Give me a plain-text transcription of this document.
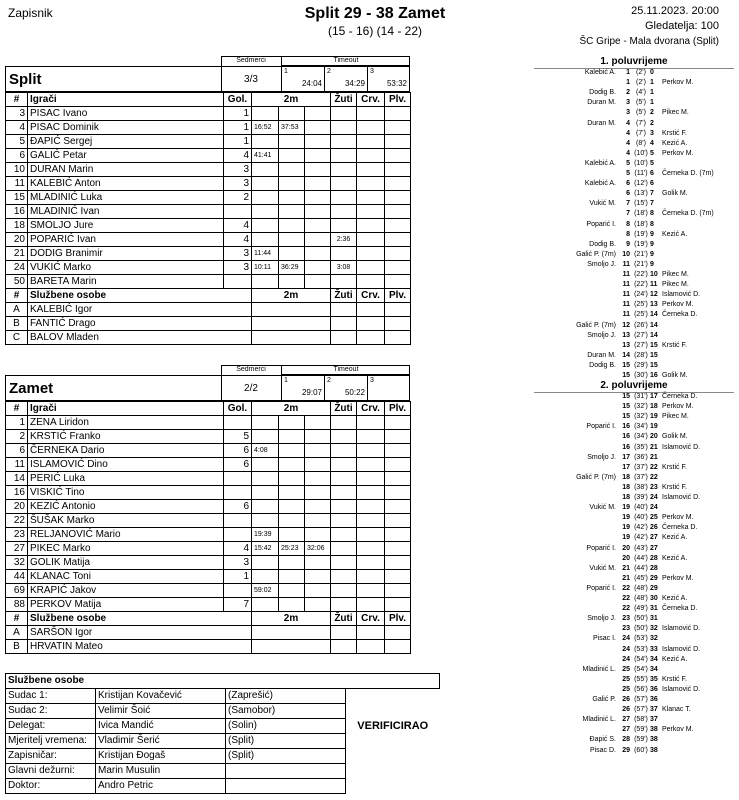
Zapisnik	Split 29 - 38 Zamet
(15 - 16) (14 - 22)
25.11.2023. 20:00
Gledatelja: 100
ŠC Gripe - Mala dvorana (Split)
Split
Sedmerci
3/3
Timeout
1
24:04
2
34:29
3
53:32
#	Igrači	Gol.	2m			Žuti	Crv.	Plv.
3	PISAC Ivano	1						
4	PISAC Dominik	1	16:52	37:53				
5	ĐAPIĆ Sergej	1						
6	GALIĆ Petar	4	41:41					
10	DURAN Marin	3						
11	KALEBIĆ Anton	3						
15	MLADINIĆ Luka	2						
16	MLADINIĆ Ivan							
18	SMOLJO Jure	4						
20	POPARIĆ Ivan	4				2:36		
21	DODIG Branimir	3	11:44					
24	VUKIĆ Marko	3	10:11	36:29		3:08		
50	BARETA Marin							
#	Službene osobe		2m			Žuti	Crv.	Plv.
A	KALEBIĆ Igor							
B	FANTIĆ Drago							
C	BALOV Mladen							
Zamet
Sedmerci
2/2
Timeout
1
29:07
2
50:22
3
#	Igrači	Gol.	2m			Žuti	Crv.	Plv.
1	ZENA Liridon							
2	KRSTIĆ Franko	5						
6	ČERNEKA Dario	6	4:08					
11	ISLAMOVIĆ Dino	6						
14	PERIĆ Luka							
16	VISKIĆ Tino							
20	KEZIĆ Antonio	6						
22	ŠUŠAK Marko							
23	RELJANOVIĆ Mario		19:39					
27	PIKEC Marko	4	15:42	25:23	32:06			
32	GOLIK Matija	3						
44	KLANAC Toni	1						
69	KRAPIĆ Jakov		59:02					
88	PERKOV Matija	7						
#	Službene osobe		2m			Žuti	Crv.	Plv.
A	SARŠON Igor							
B	HRVATIN Mateo							
Službene osobe			
Sudac 1:	Kristijan Kovačević	(Zaprešić)	
Sudac 2:	Velimir Šoić	(Samobor)	
Delegat:	Ivica Mandić	(Solin)	VERIFICIRAO
Mjeritelj vremena:	Vladimir Šerić	(Split)	
Zapisničar:	Kristijan Đogaš	(Split)	
Glavni dežurni:	Marin Musulin		
Doktor:	Andro Petric		
1. poluvrijeme
Kalebić A.	1 (2') 0
1 (2') 1	Perkov M.
Dodig B.	2 (4') 1
Duran M.	3 (5') 1
3 (5') 2	Pikec M.
Duran M.	4 (7') 2
4 (7') 3	Krstić F.
4 (8') 4	Kezić A.
4 (10') 5	Perkov M.
Kalebić A.	5 (10') 5
5 (11') 6	Černeka D. (7m)
Kalebić A.	6 (12') 6
6 (13') 7	Golik M.
Vukić M.	7 (15') 7
7 (18') 8	Černeka D. (7m)
Poparić I.	8 (18') 8
8 (19') 9	Kezić A.
Dodig B.	9 (19') 9
Galić P. (7m) 10 (21') 9
Smoljo J. 11 (21') 9
11 (22') 10 Pikec M.
11 (22') 11 Pikec M.
11 (24') 12 Islamović D.
11 (25') 13 Perkov M.
11 (25') 14 Černeka D.
Galić P. (7m) 12 (26') 14
Smoljo J. 13 (27') 14
13 (27') 15 Krstić F.
Duran M. 14 (28') 15
Dodig B. 15 (29') 15
15 (30') 16 Golik M.
2. poluvrijeme
15 (31') 17 Černeka D.
15 (32') 18 Perkov M.
15 (32') 19 Pikec M.
Poparić I. 16 (34') 19
16 (34') 20 Golik M.
16 (35') 21 Islamović D.
Smoljo J. 17 (36') 21
17 (37') 22 Krstić F.
Galić P. (7m) 18 (37') 22
18 (38') 23 Krstić F.
18 (39') 24 Islamović D.
Vukić M. 19 (40') 24
19 (40') 25 Perkov M.
19 (42') 26 Černeka D.
19 (42') 27 Kezić A.
Poparić I. 20 (43') 27
20 (44') 28 Kezić A.
Vukić M. 21 (44') 28
21 (45') 29 Perkov M.
Poparić I. 22 (48') 29
22 (48') 30 Kezić A.
22 (49') 31 Černeka D.
Smoljo J. 23 (50') 31
23 (50') 32 Islamović D.
Pisac I. 24 (53') 32
24 (53') 33 Islamović D.
24 (54') 34 Kezić A.
Mladinić L. 25 (54') 34
25 (55') 35 Krstić F.
25 (56') 36 Islamović D.
Galić P. 26 (57') 36
26 (57') 37 Klanac T.
Mladinić L. 27 (58') 37
27 (59') 38 Perkov M.
Đapić S. 28 (59') 38
Pisac D. 29 (60') 38
